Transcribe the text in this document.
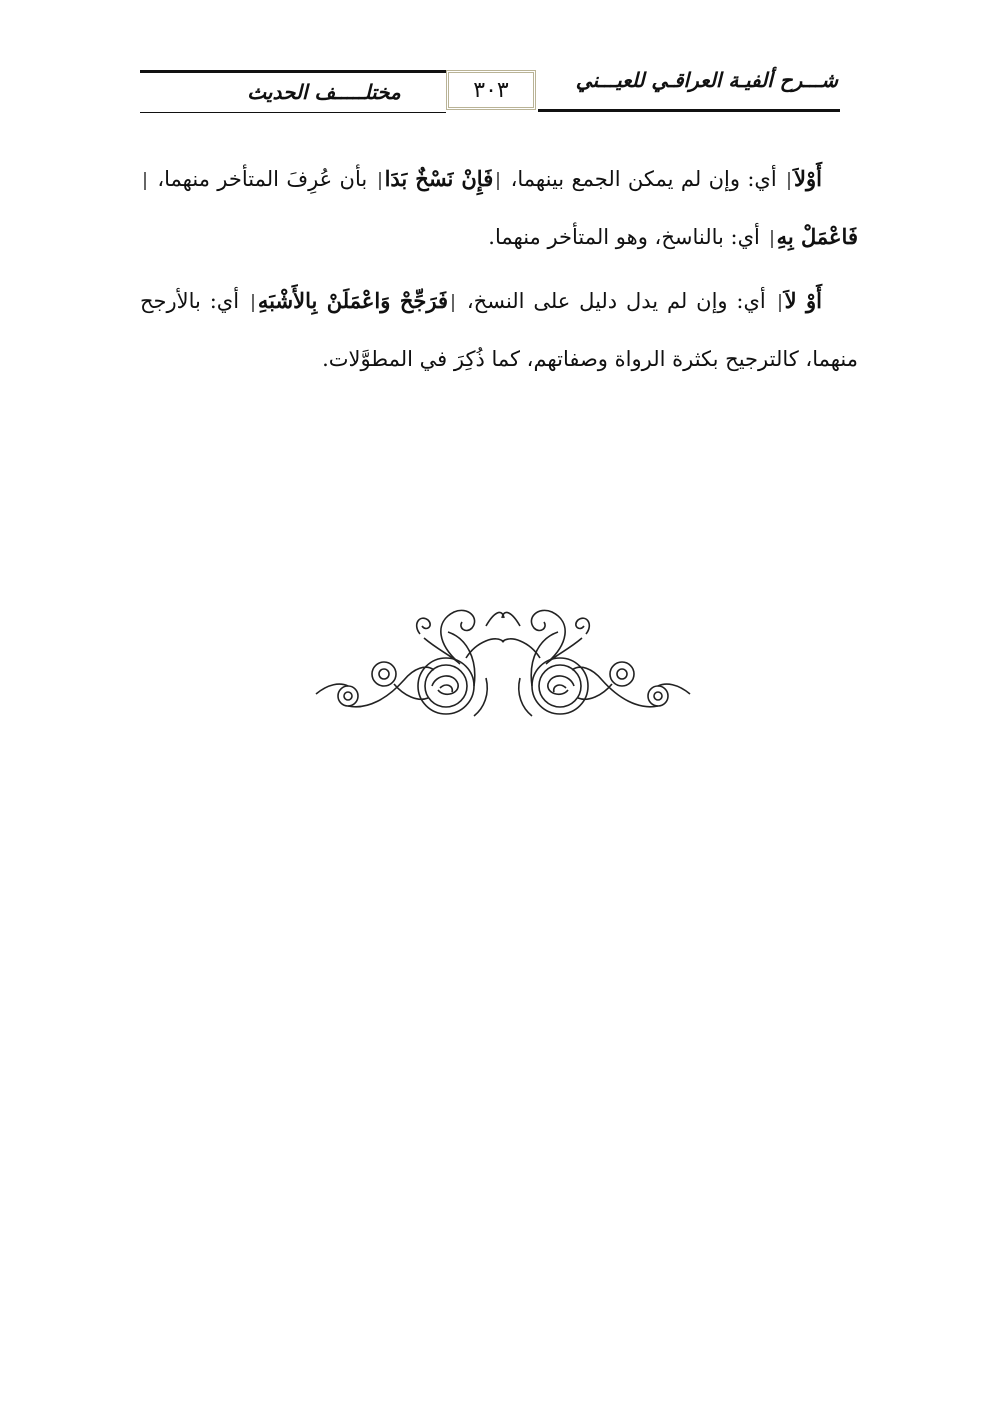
مختلـــــف الحديث	٣٠٣	شـــرح ألفيـة العراقـي للعيـــني

أَوْلاَ أي: وإن لم يمكن الجمع بينهما، فَإِنْ نَسْخٌ بَدَا بأن عُرِفَ المتأخر منهما، فَاعْمَلْ بِهِ أي: بالناسخ، وهو المتأخر منهما.

أَوْ لاَ أي: وإن لم يدل دليل على النسخ، فَرَجِّحْ وَاعْمَلَنْ بِالأَشْبَهِ أي: بالأرجح منهما، كالترجيح بكثرة الرواة وصفاتهم، كما ذُكِرَ في المطوَّلات.
